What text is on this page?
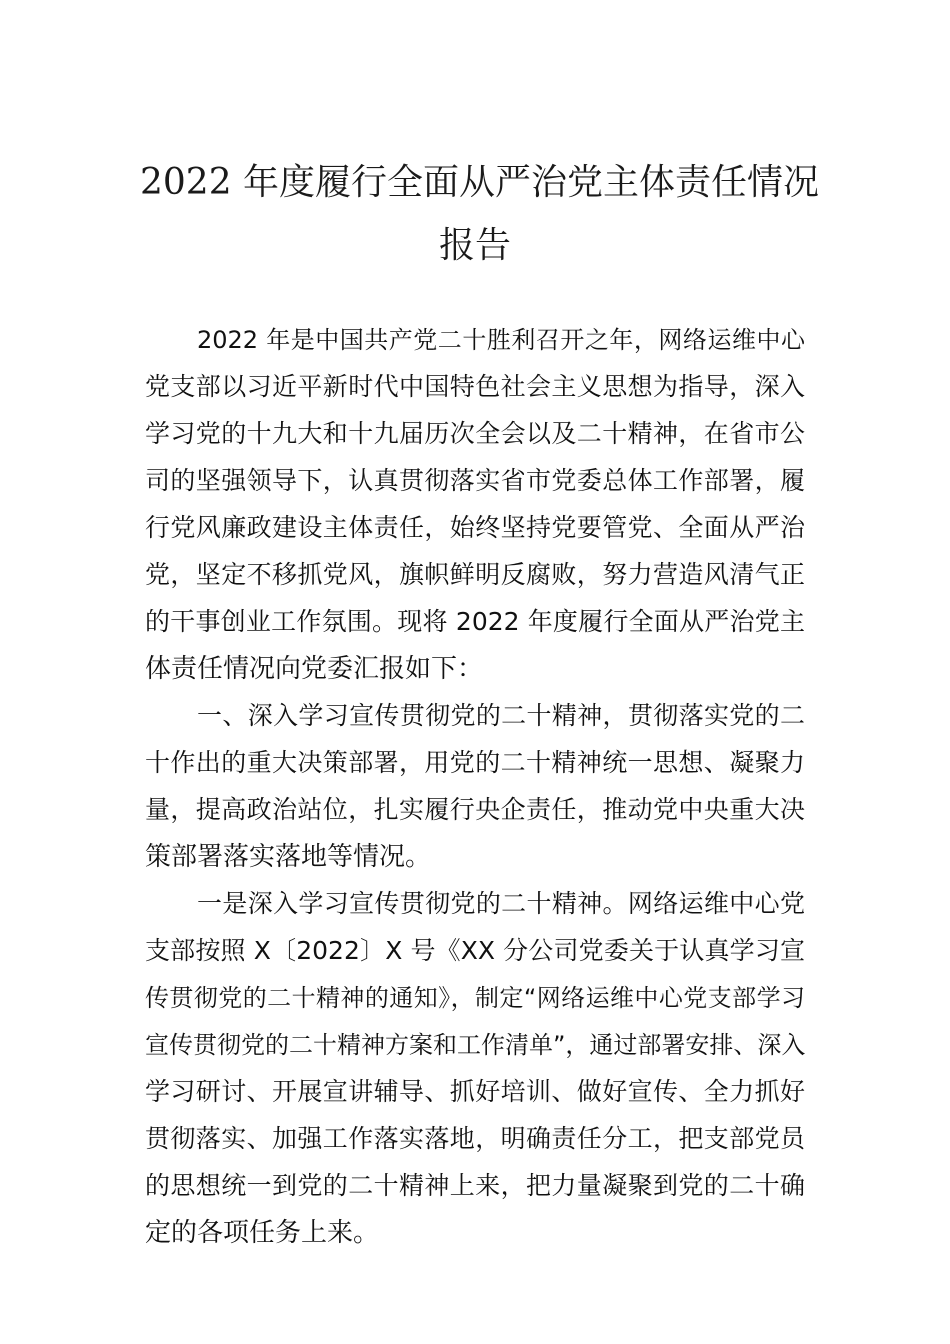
2022 年度履行全面从严治党主体责任情况
报告
2022 年是中国共产党二十胜利召开之年，网络运维中心
党支部以习近平新时代中国特色社会主义思想为指导，深入
学习党的十九大和十九届历次全会以及二十精神，在省市公
司的坚强领导下，认真贯彻落实省市党委总体工作部署，履
行党风廉政建设主体责任，始终坚持党要管党、全面从严治
党，坚定不移抓党风，旗帜鲜明反腐败，努力营造风清气正
的干事创业工作氛围。现将 2022 年度履行全面从严治党主
体责任情况向党委汇报如下：
一、深入学习宣传贯彻党的二十精神，贯彻落实党的二
十作出的重大决策部署，用党的二十精神统一思想、凝聚力
量，提高政治站位，扎实履行央企责任，推动党中央重大决
策部署落实落地等情况。
一是深入学习宣传贯彻党的二十精神。网络运维中心党
支部按照 X〔2022〕X 号《XX 分公司党委关于认真学习宣
传贯彻党的二十精神的通知》，制定“网络运维中心党支部学习
宣传贯彻党的二十精神方案和工作清单”，通过部署安排、深入
学习研讨、开展宣讲辅导、抓好培训、做好宣传、全力抓好
贯彻落实、加强工作落实落地，明确责任分工，把支部党员
的思想统一到党的二十精神上来，把力量凝聚到党的二十确
定的各项任务上来。
